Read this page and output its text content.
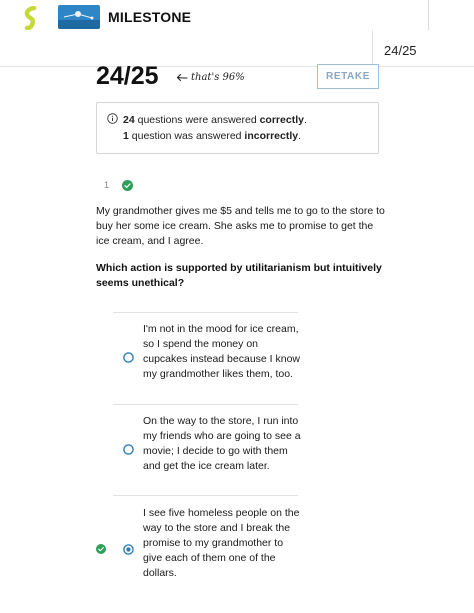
MILESTONE
24/25
24/25	that's 96%	RETAKE
24 questions were answered correctly.
1 question was answered incorrectly.
1
My grandmother gives me $5 and tells me to go to the store to buy her some ice cream. She asks me to promise to get the ice cream, and I agree.
Which action is supported by utilitarianism but intuitively seems unethical?
I'm not in the mood for ice cream, so I spend the money on cupcakes instead because I know my grandmother likes them, too.
On the way to the store, I run into my friends who are going to see a movie; I decide to go with them and get the ice cream later.
I see five homeless people on the way to the store and I break the promise to my grandmother to give each of them one of the dollars.
